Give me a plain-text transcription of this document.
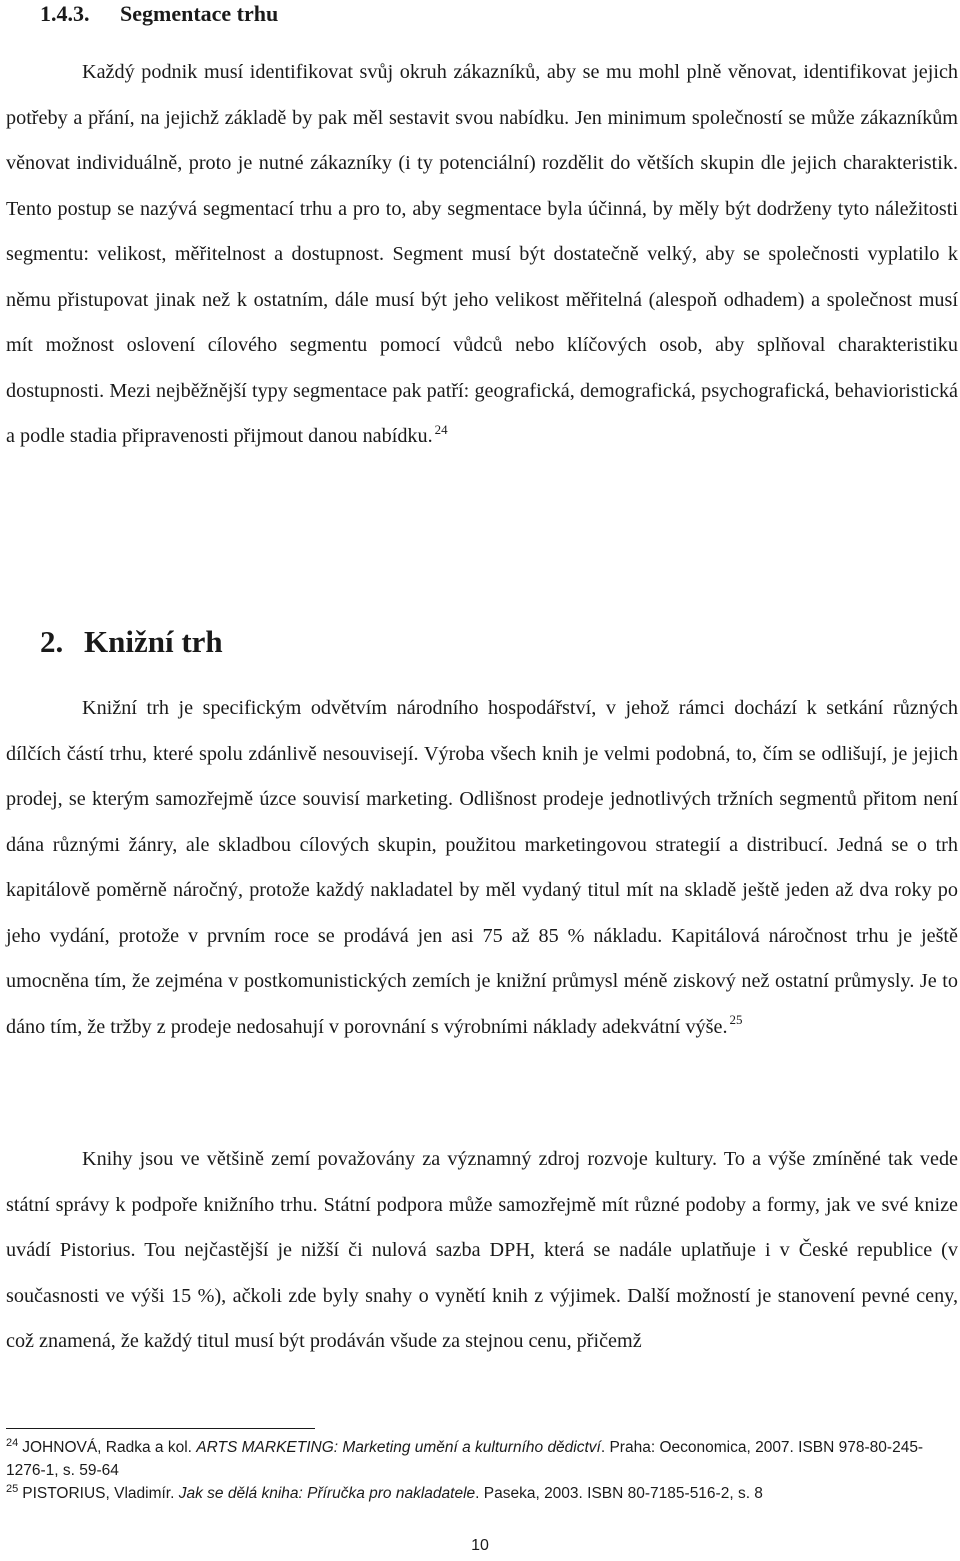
1.4.3. Segmentace trhu

Každý podnik musí identifikovat svůj okruh zákazníků, aby se mu mohl plně věnovat, identifikovat jejich potřeby a přání, na jejichž základě by pak měl sestavit svou nabídku. Jen minimum společností se může zákazníkům věnovat individuálně, proto je nutné zákazníky (i ty potenciální) rozdělit do větších skupin dle jejich charakteristik. Tento postup se nazývá segmentací trhu a pro to, aby segmentace byla účinná, by měly být dodrženy tyto náležitosti segmentu: velikost, měřitelnost a dostupnost. Segment musí být dostatečně velký, aby se společnosti vyplatilo k němu přistupovat jinak než k ostatním, dále musí být jeho velikost měřitelná (alespoň odhadem) a společnost musí mít možnost oslovení cílového segmentu pomocí vůdců nebo klíčových osob, aby splňoval charakteristiku dostupnosti. Mezi nejběžnější typy segmentace pak patří: geografická, demografická, psychografická, behavioristická a podle stadia připravenosti přijmout danou nabídku. $^{24}$

2. Knižní trh

Knižní trh je specifickým odvětvím národního hospodářství, v jehož rámci dochází k setkání různých dílčích částí trhu, které spolu zdánlivě nesouvisejí. Výroba všech knih je velmi podobná, to, čím se odlišují, je jejich prodej, se kterým samozřejmě úzce souvisí marketing. Odlišnost prodeje jednotlivých tržních segmentů přitom není dána různými žánry, ale skladbou cílových skupin, použitou marketingovou strategií a distribucí. Jedná se o trh kapitálově poměrně náročný, protože každý nakladatel by měl vydaný titul mít na skladě ještě jeden až dva roky po jeho vydání, protože v prvním roce se prodává jen asi 75 až 85 % nákladu. Kapitálová náročnost trhu je ještě umocněna tím, že zejména v postkomunistických zemích je knižní průmysl méně ziskový než ostatní průmysly. Je to dáno tím, že tržby z prodeje nedosahují v porovnání s výrobními náklady adekvátní výše. $^{25}$

Knihy jsou ve většině zemí považovány za významný zdroj rozvoje kultury. To a výše zmíněné tak vede státní správy k podpoře knižního trhu. Státní podpora může samozřejmě mít různé podoby a formy, jak ve své knize uvádí Pistorius. Tou nejčastější je nižší či nulová sazba DPH, která se nadále uplatňuje i v České republice (v současnosti ve výši 15 %), ačkoli zde byly snahy o vynětí knih z výjimek. Další možností je stanovení pevné ceny, což znamená, že každý titul musí být prodáván všude za stejnou cenu, přičemž

$^{24}$ JOHNOVÁ, Radka a kol. ARTS MARKETING: Marketing umění a kulturního dědictví. Praha: Oeconomica, 2007. ISBN 978-80-245-1276-1, s. 59-64

$^{25}$ PISTORIUS, Vladimír. Jak se dělá kniha: Příručka pro nakladatele. Paseka, 2003. ISBN 80-7185-516-2, s. 8

10
